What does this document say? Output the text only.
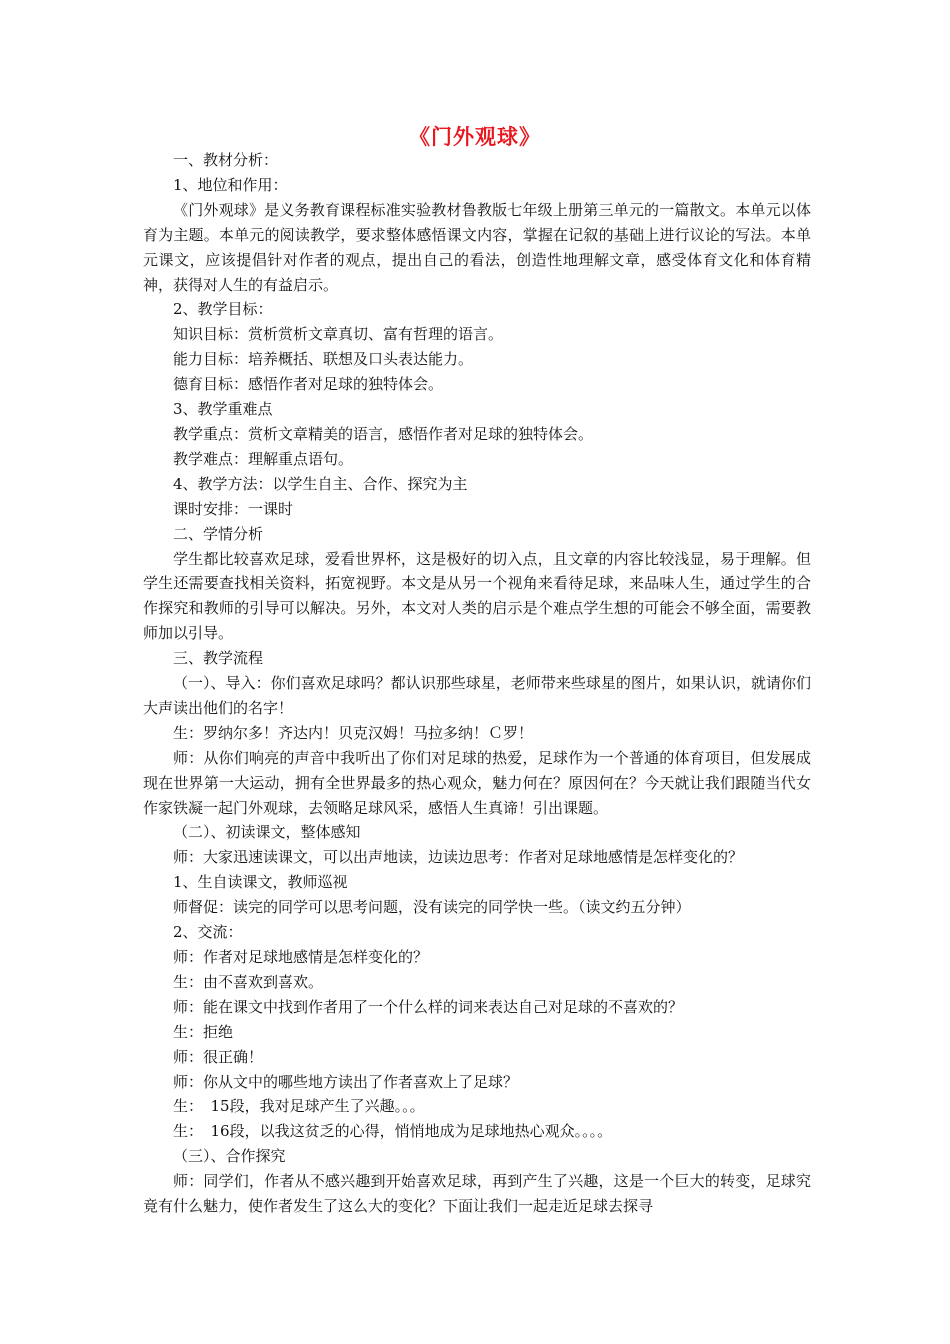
《门外观球》

一、教材分析：

1、地位和作用：

《门外观球》是义务教育课程标准实验教材鲁教版七年级上册第三单元的一篇散文。本单元以体育为主题。本单元的阅读教学，要求整体感悟课文内容，掌握在记叙的基础上进行议论的写法。本单元课文，应该提倡针对作者的观点，提出自己的看法，创造性地理解文章，感受体育文化和体育精神，获得对人生的有益启示。

2、教学目标：

知识目标：赏析赏析文章真切、富有哲理的语言。

能力目标：培养概括、联想及口头表达能力。

德育目标：感悟作者对足球的独特体会。

3、教学重难点

教学重点：赏析文章精美的语言，感悟作者对足球的独特体会。

教学难点：理解重点语句。

4、教学方法：以学生自主、合作、探究为主

课时安排：一课时

二、学情分析

学生都比较喜欢足球，爱看世界杯，这是极好的切入点，且文章的内容比较浅显，易于理解。但学生还需要查找相关资料，拓宽视野。本文是从另一个视角来看待足球，来品味人生，通过学生的合作探究和教师的引导可以解决。另外，本文对人类的启示是个难点学生想的可能会不够全面，需要教师加以引导。

三、教学流程

（一）、导入：你们喜欢足球吗？都认识那些球星，老师带来些球星的图片，如果认识，就请你们大声读出他们的名字！

生：罗纳尔多！齐达内！贝克汉姆！马拉多纳！Ｃ罗！

师：从你们响亮的声音中我听出了你们对足球的热爱，足球作为一个普通的体育项目，但发展成现在世界第一大运动，拥有全世界最多的热心观众，魅力何在？原因何在？今天就让我们跟随当代女作家铁凝一起门外观球，去领略足球风采，感悟人生真谛！引出课题。

（二）、初读课文，整体感知

师：大家迅速读课文，可以出声地读，边读边思考：作者对足球地感情是怎样变化的？

1、生自读课文，教师巡视

师督促：读完的同学可以思考问题，没有读完的同学快一些。（读文约五分钟）

2、交流：

师：作者对足球地感情是怎样变化的？

生：由不喜欢到喜欢。

师：能在课文中找到作者用了一个什么样的词来表达自己对足球的不喜欢的？

生：拒绝

师：很正确！

师：你从文中的哪些地方读出了作者喜欢上了足球？

生：　15段，我对足球产生了兴趣。。。

生：　16段，以我这贫乏的心得，悄悄地成为足球地热心观众。。。。

（三）、合作探究

师：同学们，作者从不感兴趣到开始喜欢足球，再到产生了兴趣，这是一个巨大的转变，足球究竟有什么魅力，使作者发生了这么大的变化？下面让我们一起走近足球去探寻
